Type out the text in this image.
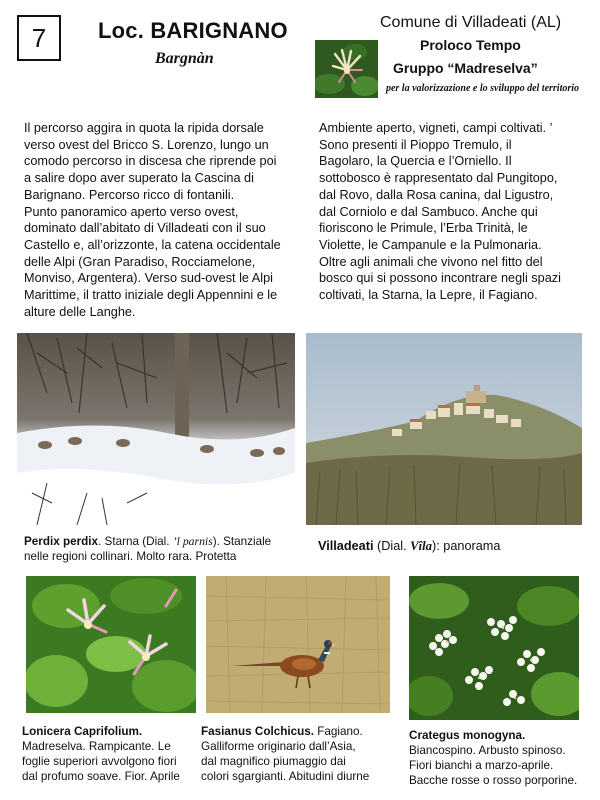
7 Loc. BARIGNANO
Bargnàn
Comune di Villadeati (AL)
Proloco Tempo
Gruppo “Madreselva”
per la valorizzazione e lo sviluppo del territorio
Il percorso aggira in quota la ripida dorsale
verso ovest del Bricco S. Lorenzo, lungo un
comodo percorso in discesa che riprende poi
a salire dopo aver superato la Cascina di
Barignano. Percorso ricco di fontanili.
Punto panoramico aperto verso ovest,
dominato dall’abitato di Villadeati con il suo
Castello e, all’orizzonte, la catena occidentale
delle Alpi (Gran Paradiso, Rocciamelone,
Monviso, Argentera). Verso sud-ovest le Alpi
Marittime, il tratto iniziale degli Appennini e le
alture delle Langhe.
Ambiente aperto, vigneti, campi coltivati. ’
Sono presenti il Pioppo Tremulo, il
Bagolaro, la Quercia e l’Orniello. Il
sottobosco è rappresentato dal Pungitopo,
dal Rovo, dalla Rosa canina, dal Ligustro,
dal Corniolo e dal Sambuco. Anche qui
fioriscono le Primule, l’Erba Trinità, le
Violette, le Campanule e la Pulmonaria.
Oltre agli animali che vivono nel fitto del
bosco qui si possono incontrare negli spazi
coltivati, la Starna, la Lepre, il Fagiano.
Perdix perdix. Starna (Dial. ’l parnis). Stanziale
nelle regioni collinari. Molto rara. Protetta
Villadeati (Dial. Vîla): panorama
Lonicera Caprifolium.
Madreselva. Rampicante. Le
foglie superiori avvolgono fiori
dal profumo soave. Fior. Aprile
Fasianus Colchicus. Fagiano.
Galliforme originario dall’Asia,
dal magnifico piumaggio dai
colori sgargianti. Abitudini diurne
Crategus monogyna.
Biancospino. Arbusto spinoso.
Fiori bianchi a marzo-aprile.
Bacche rosse o rosso porporine.
